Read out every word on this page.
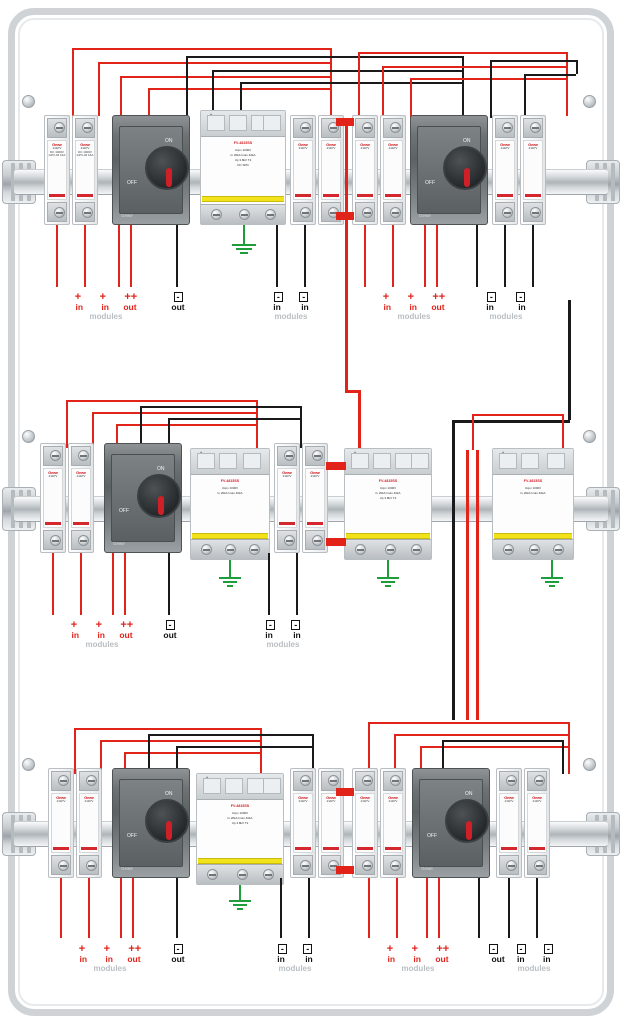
Gewe
211PV
DC 1000V
GPV-32 16A
Gewe
211PV
DC 1000V
GPV-32 16A
ON
OFF
Gewe
FV-4815SS
Ucpv 1000V
In 20kA Imax 40kA
Up 3.8kV T2
DC SPD
Gewe
211PV
Gewe
211PV
Gewe
211PV
Gewe
211PV
ON
OFF
Gewe
Gewe
211PV
Gewe
211PV
+ + ++
in in out
modules
-
out
- -
in in
modules
+ + ++
in in out
modules
-	-
in	in
modules
Gewe
211PV
Gewe
211PV
ON
OFF
Gewe
FV-4815SS
Ucpv 1000V
In 20kA Imax 40kA
Gewe
211PV
Gewe
211PV
FV-4815SS
Ucpv 1000V
In 20kA Imax 40kA
Up 3.8kV T2
FV-4815SS
Ucpv 1000V
In 20kA Imax 40kA
+ + ++
in in out
modules
-
out
- -
in in
modules
Gewe
211PV
Gewe
211PV
ON
OFF
Gewe
FV-4815SS
Ucpv 1000V
In 20kA Imax 40kA
Up 3.8kV T2
Gewe
211PV
Gewe
211PV
Gewe
211PV
Gewe
211PV
ON
OFF
Gewe
Gewe
211PV
Gewe
211PV
+ + ++
in in out
modules
-
out
- -
in in
modules
+ + ++
in in out
modules
-	-	-
out in in
modules
